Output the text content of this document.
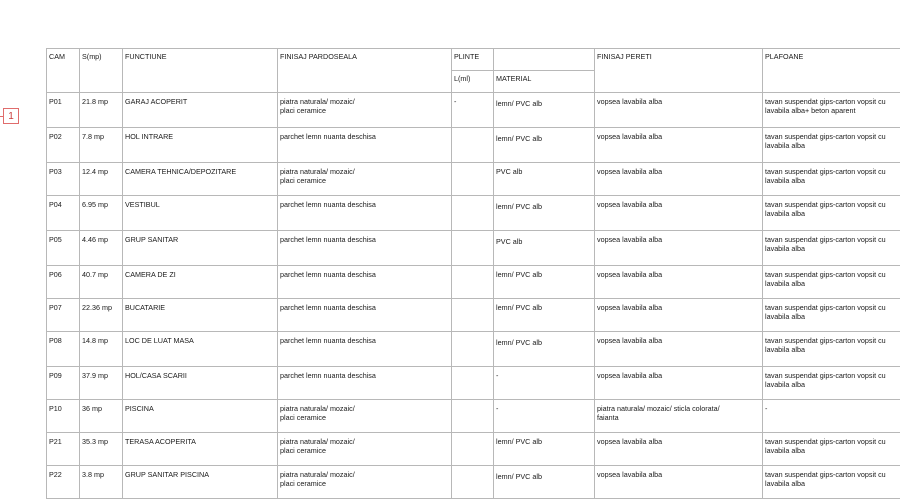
1
CAM	S(mp)	FUNCTIUNE	FINISAJ PARDOSEALA	PLINTE		FINISAJ PERETI	PLAFOANE
				L(ml)	MATERIAL		
P01	21.8 mp	GARAJ ACOPERIT	piatra naturala/ mozaic/ placi ceramice	-	lemn/ PVC alb	vopsea lavabila alba	tavan suspendat gips-carton vopsit cu lavabila alba+ beton aparent
P02	7.8 mp	HOL INTRARE	parchet lemn nuanta deschisa		lemn/ PVC alb	vopsea lavabila alba	tavan suspendat gips-carton vopsit cu lavabila alba
P03	12.4 mp	CAMERA TEHNICA/DEPOZITARE	piatra naturala/ mozaic/ placi ceramice		PVC alb	vopsea lavabila alba	tavan suspendat gips-carton vopsit cu lavabila alba
P04	6.95 mp	VESTIBUL	parchet lemn nuanta deschisa		lemn/ PVC alb	vopsea lavabila alba	tavan suspendat gips-carton vopsit cu lavabila alba
P05	4.46 mp	GRUP SANITAR	parchet lemn nuanta deschisa		PVC alb	vopsea lavabila alba	tavan suspendat gips-carton vopsit cu lavabila alba
P06	40.7 mp	CAMERA DE ZI	parchet lemn nuanta deschisa		lemn/ PVC alb	vopsea lavabila alba	tavan suspendat gips-carton vopsit cu lavabila alba
P07	22.36 mp	BUCATARIE	parchet lemn nuanta deschisa		lemn/ PVC alb	vopsea lavabila alba	tavan suspendat gips-carton vopsit cu lavabila alba
P08	14.8 mp	LOC DE LUAT MASA	parchet lemn nuanta deschisa		lemn/ PVC alb	vopsea lavabila alba	tavan suspendat gips-carton vopsit cu lavabila alba
P09	37.9 mp	HOL/CASA SCARII	parchet lemn nuanta deschisa		-	vopsea lavabila alba	tavan suspendat gips-carton vopsit cu lavabila alba
P10	36 mp	PISCINA	piatra naturala/ mozaic/ placi ceramice		-	piatra naturala/ mozaic/ sticla colorata/ faianta	-
P21	35.3 mp	TERASA ACOPERITA	piatra naturala/ mozaic/ placi ceramice		lemn/ PVC alb	vopsea lavabila alba	tavan suspendat gips-carton vopsit cu lavabila alba
P22	3.8 mp	GRUP SANITAR PISCINA	piatra naturala/ mozaic/ placi ceramice		lemn/ PVC alb	vopsea lavabila alba	tavan suspendat gips-carton vopsit cu lavabila alba
